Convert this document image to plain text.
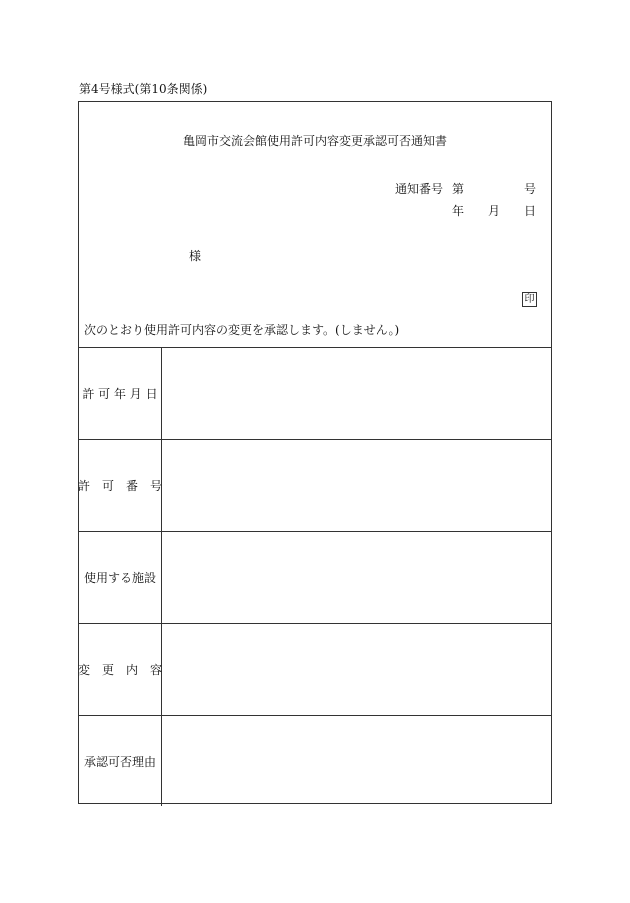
第4号様式(第10条関係)
亀岡市交流会館使用許可内容変更承認可否通知書
通知番号 第	号
年 月 日
様
印
次のとおり使用許可内容の変更を承認します。(しません。)
許 可 年 月 日
許　可　番　号
使用する施設
変　更　内　容
承認可否理由
